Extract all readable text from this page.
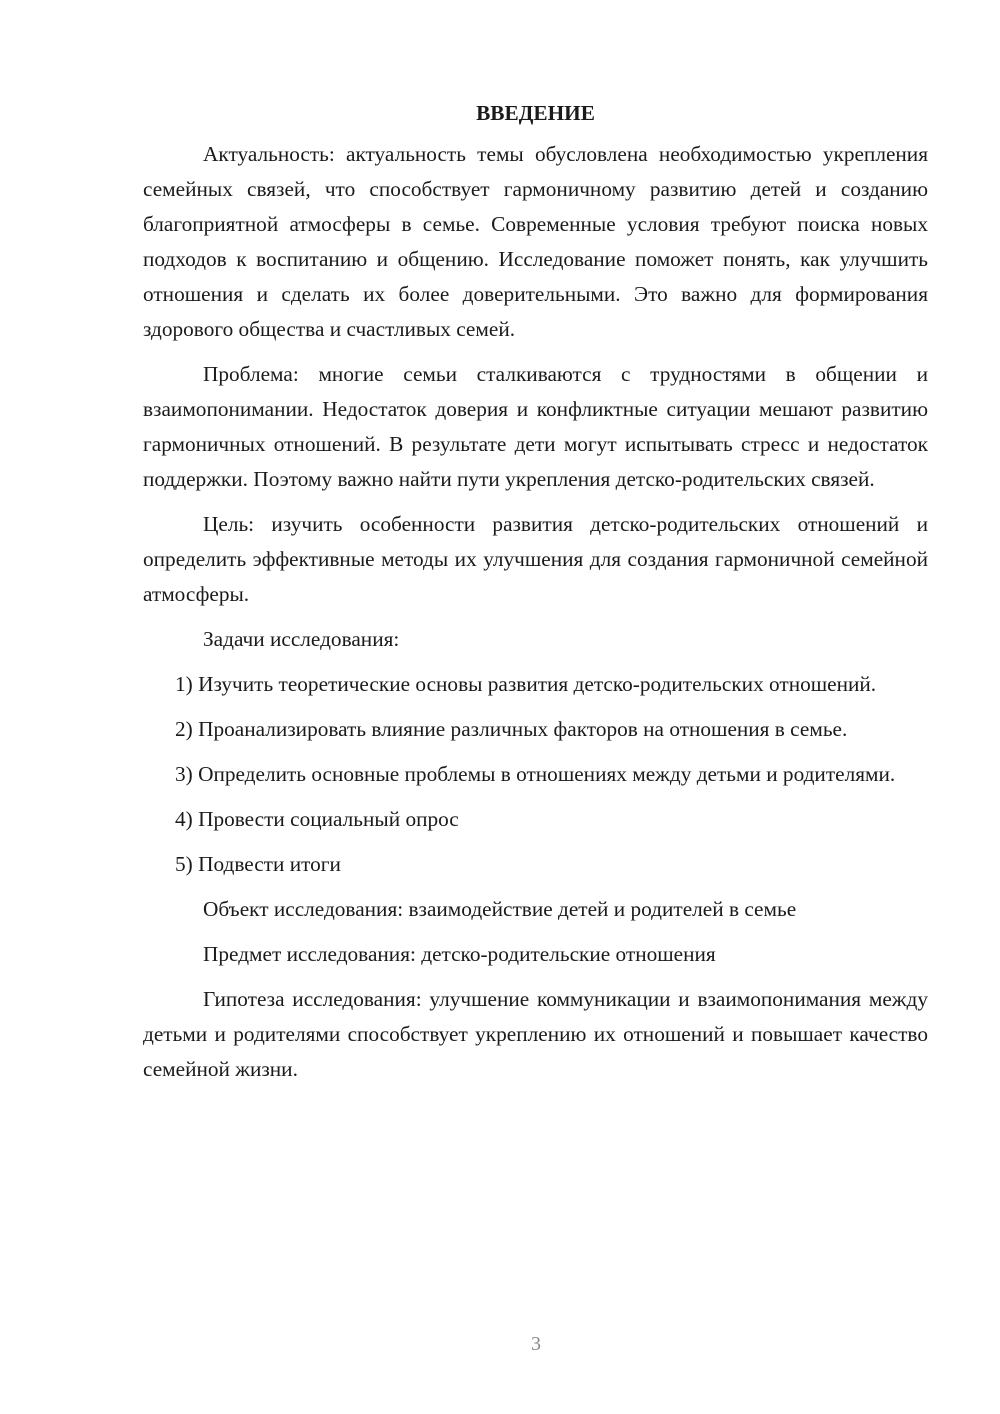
ВВЕДЕНИЕ

Актуальность: актуальность темы обусловлена необходимостью укрепления семейных связей, что способствует гармоничному развитию детей и созданию благоприятной атмосферы в семье. Современные условия требуют поиска новых подходов к воспитанию и общению. Исследование поможет понять, как улучшить отношения и сделать их более доверительными. Это важно для формирования здорового общества и счастливых семей.

Проблема: многие семьи сталкиваются с трудностями в общении и взаимопонимании. Недостаток доверия и конфликтные ситуации мешают развитию гармоничных отношений. В результате дети могут испытывать стресс и недостаток поддержки. Поэтому важно найти пути укрепления детско-родительских связей.

Цель: изучить особенности развития детско-родительских отношений и определить эффективные методы их улучшения для создания гармоничной семейной атмосферы.

Задачи исследования:

1) Изучить теоретические основы развития детско-родительских отношений.

2) Проанализировать влияние различных факторов на отношения в семье.

3) Определить основные проблемы в отношениях между детьми и родителями.

4) Провести социальный опрос

5) Подвести итоги

Объект исследования: взаимодействие детей и родителей в семье

Предмет исследования: детско-родительские отношения

Гипотеза исследования: улучшение коммуникации и взаимопонимания между детьми и родителями способствует укреплению их отношений и повышает качество семейной жизни.

3
